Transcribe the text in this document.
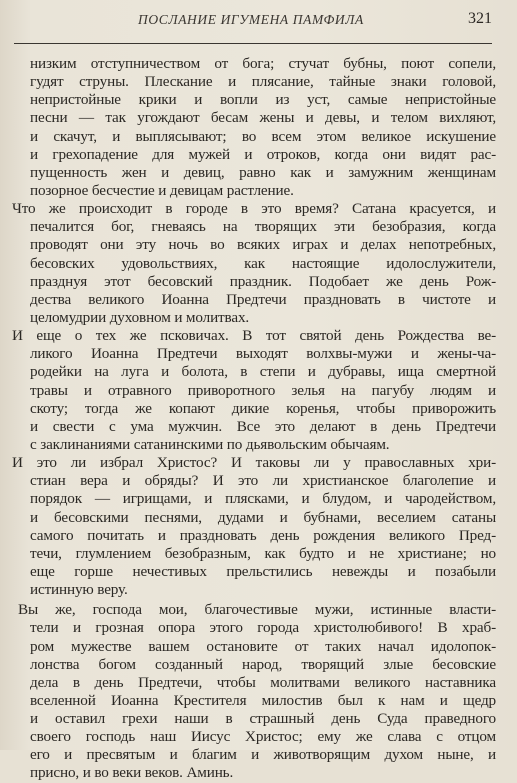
ПОСЛАНИЕ ИГУМЕНА ПАМФИЛА	321
низким отступничеством от бога; стучат бубны, поют сопели,
гудят струны. Плескание и плясание, тайные знаки головой,
непристойные крики и вопли из уст, самые непристойные
песни — так угождают бесам жены и девы, и телом вихляют,
и скачут, и выплясывают; во всем этом великое искушение
и грехопадение для мужей и отроков, когда они видят рас-
пущенность жен и девиц, равно как и замужним женщинам
позорное бесчестие и девицам растление.
Что же происходит в городе в это время? Сатана красуется, и
печалится бог, гневаясь на творящих эти безобразия, когда
проводят они эту ночь во всяких играх и делах непотребных,
бесовских удовольствиях, как настоящие идолослужители,
празднуя этот бесовский праздник. Подобает же день Рож-
дества великого Иоанна Предтечи праздновать в чистоте и
целомудрии духовном и молитвах.
И еще о тех же псковичах. В тот святой день Рождества ве-
ликого Иоанна Предтечи выходят волхвы-мужи и жены-ча-
родейки на луга и болота, в степи и дубравы, ища смертной
травы и отравного приворотного зелья на пагубу людям и
скоту; тогда же копают дикие коренья, чтобы приворожить
и свести с ума мужчин. Все это делают в день Предтечи
с заклинаниями сатанинскими по дьявольским обычаям.
И это ли избрал Христос? И таковы ли у православных хри-
стиан вера и обряды? И это ли христианское благолепие и
порядок — игрищами, и плясками, и блудом, и чародейством,
и бесовскими песнями, дудами и бубнами, веселием сатаны
самого почитать и праздновать день рождения великого Пред-
течи, глумлением безобразным, как будто и не христиане; но
еще горше нечестивых прельстились невежды и позабыли
истинную веру.
Вы же, господа мои, благочестивые мужи, истинные власти-
тели и грозная опора этого города христолюбивого! В храб-
ром мужестве вашем остановите от таких начал идолопок-
лонства богом созданный народ, творящий злые бесовские
дела в день Предтечи, чтобы молитвами великого наставника
вселенной Иоанна Крестителя милостив был к нам и щедр
и оставил грехи наши в страшный день Суда праведного
своего господь наш Иисус Христос; ему же слава с отцом
его и пресвятым и благим и животворящим духом ныне, и
присно, и во веки веков. Аминь.
